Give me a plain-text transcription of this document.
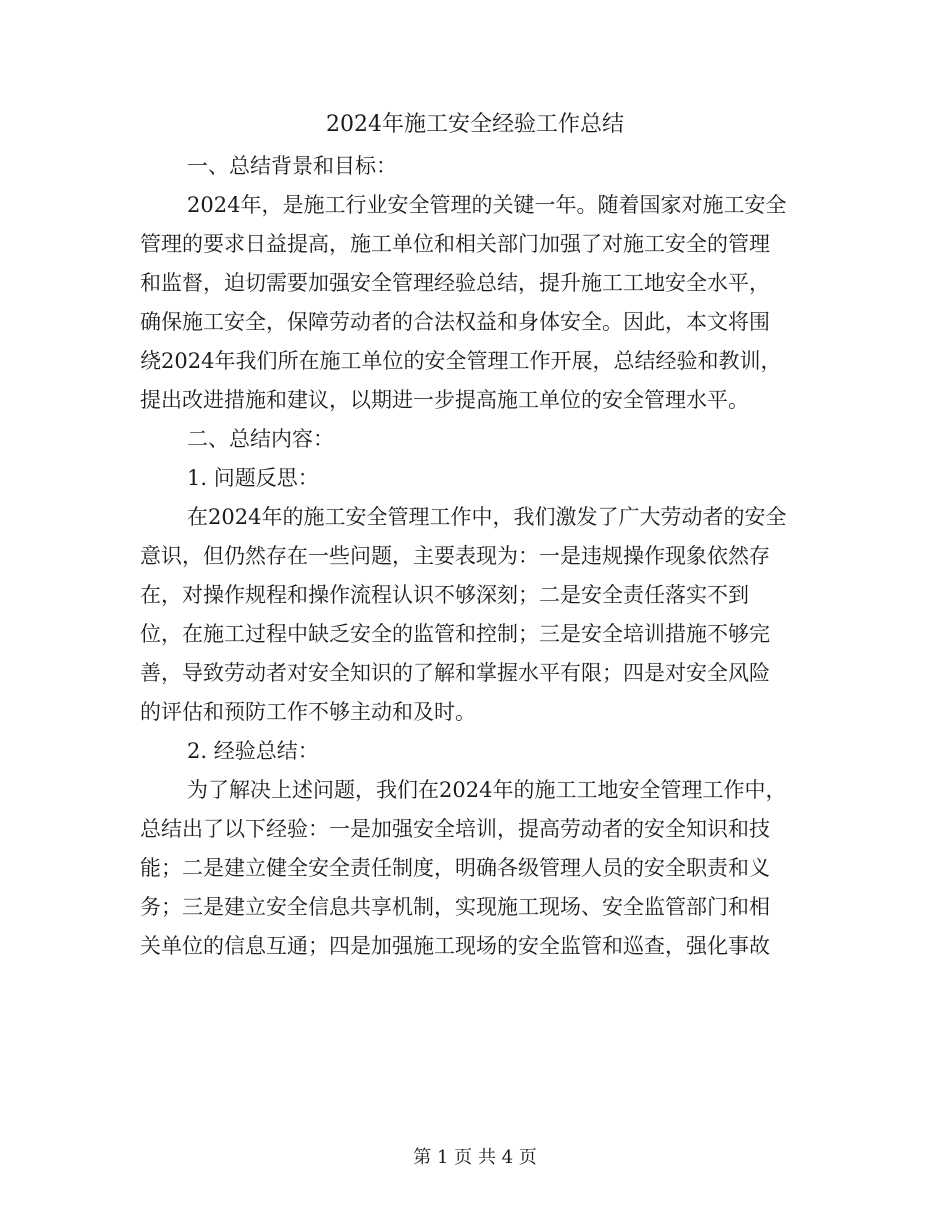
2024年施工安全经验工作总结

一、总结背景和目标：

2024年，是施工行业安全管理的关键一年。随着国家对施工安全
管理的要求日益提高，施工单位和相关部门加强了对施工安全的管理
和监督，迫切需要加强安全管理经验总结，提升施工工地安全水平，
确保施工安全，保障劳动者的合法权益和身体安全。因此，本文将围
绕2024年我们所在施工单位的安全管理工作开展，总结经验和教训，
提出改进措施和建议，以期进一步提高施工单位的安全管理水平。

二、总结内容：

1. 问题反思：

在2024年的施工安全管理工作中，我们激发了广大劳动者的安全
意识，但仍然存在一些问题，主要表现为：一是违规操作现象依然存
在，对操作规程和操作流程认识不够深刻；二是安全责任落实不到
位，在施工过程中缺乏安全的监管和控制；三是安全培训措施不够完
善，导致劳动者对安全知识的了解和掌握水平有限；四是对安全风险
的评估和预防工作不够主动和及时。

2. 经验总结：

为了解决上述问题，我们在2024年的施工工地安全管理工作中，
总结出了以下经验：一是加强安全培训，提高劳动者的安全知识和技
能；二是建立健全安全责任制度，明确各级管理人员的安全职责和义
务；三是建立安全信息共享机制，实现施工现场、安全监管部门和相
关单位的信息互通；四是加强施工现场的安全监管和巡查，强化事故

第 1 页 共 4 页
